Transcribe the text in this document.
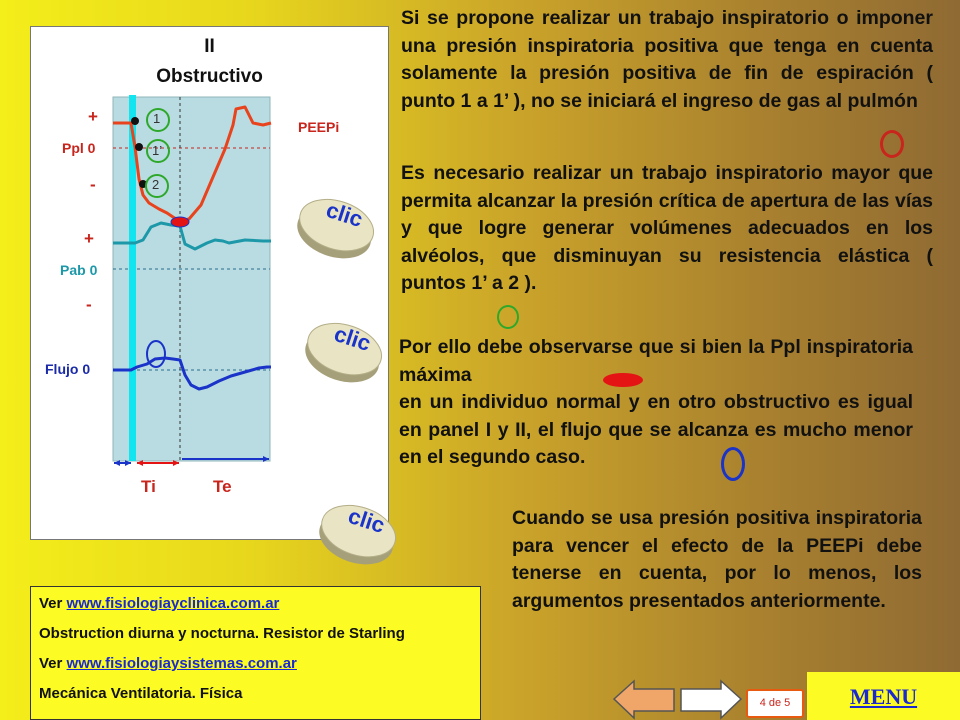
II
Obstructivo
+
Ppl 0
-
PEEPi
+
Pab 0
-
Flujo 0
1
1’
2
Ti	Te
clic
clic
clic
Si se propone realizar un trabajo inspiratorio o imponer una presión inspiratoria positiva que tenga en cuenta solamente la presión positiva de fin de espiración ( punto 1 a 1’ ), no se iniciará el ingreso de gas al pulmón
Es necesario realizar un trabajo inspiratorio mayor que permita alcanzar la presión crítica de apertura de las vías y que logre generar volúmenes adecuados en los alvéolos, que disminuyan su resistencia elástica ( puntos 1’ a 2 ).
Por ello debe observarse que si bien la Ppl inspiratoria máxima
en un individuo normal y en otro obstructivo es igual en panel I y II, el flujo que se alcanza es mucho menor en el segundo caso.
Cuando se usa presión positiva inspiratoria para vencer el efecto de la PEEPi debe tenerse en cuenta, por lo menos, los argumentos presentados anteriormente.

Ver www.fisiologiayclinica.com.ar

Obstruction diurna y nocturna. Resistor de Starling

Ver www.fisiologiaysistemas.com.ar

Mecánica Ventilatoria. Física

4 de 5	MENU
